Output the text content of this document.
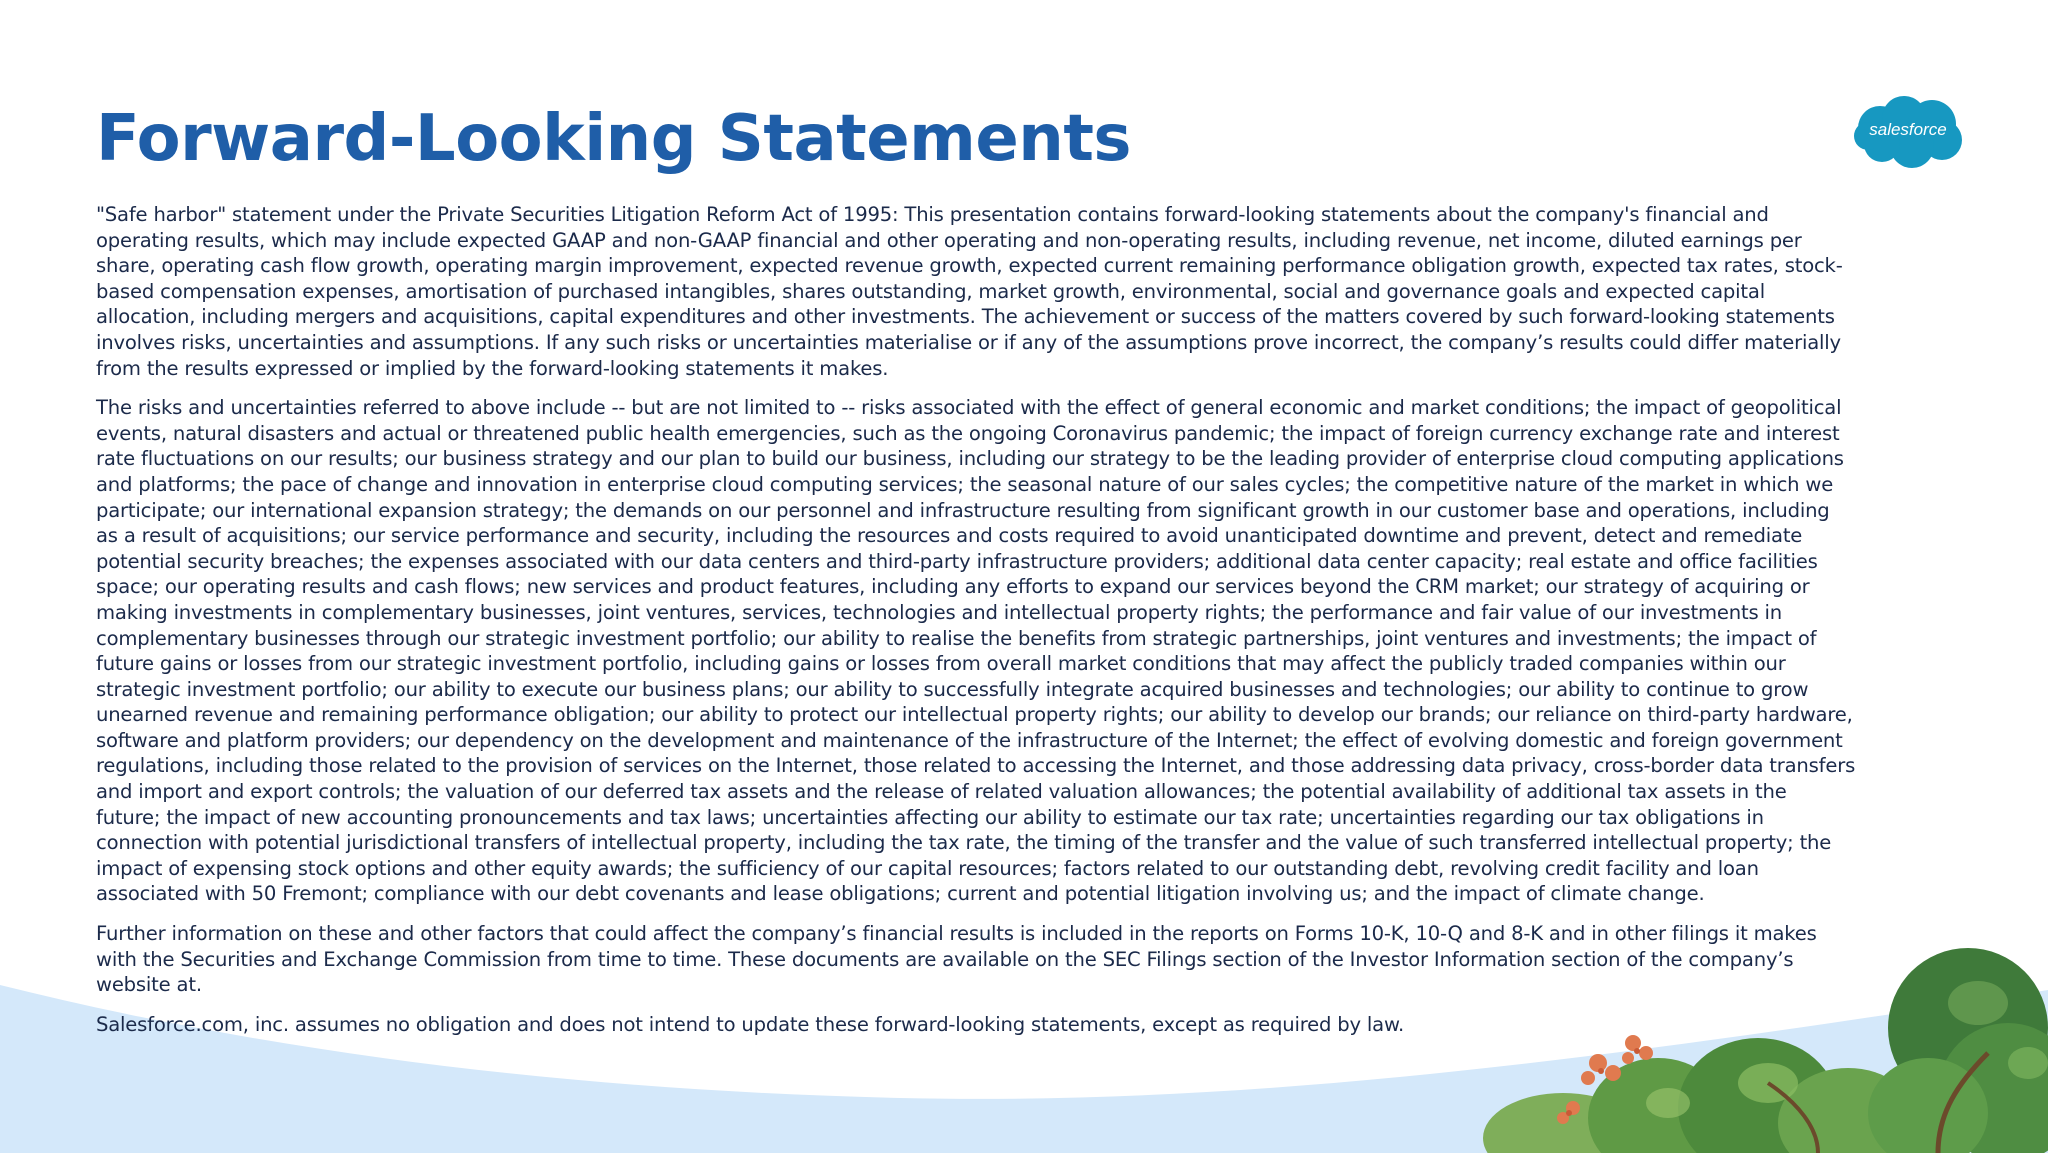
salesforce
Forward-Looking Statements

"Safe harbor" statement under the Private Securities Litigation Reform Act of 1995: This presentation contains forward-looking statements about the company's financial and operating results, which may include expected GAAP and non-GAAP financial and other operating and non-operating results, including revenue, net income, diluted earnings per share, operating cash flow growth, operating margin improvement, expected revenue growth, expected current remaining performance obligation growth, expected tax rates, stock-based compensation expenses, amortisation of purchased intangibles, shares outstanding, market growth, environmental, social and governance goals and expected capital allocation, including mergers and acquisitions, capital expenditures and other investments. The achievement or success of the matters covered by such forward-looking statements involves risks, uncertainties and assumptions. If any such risks or uncertainties materialise or if any of the assumptions prove incorrect, the company’s results could differ materially from the results expressed or implied by the forward-looking statements it makes.

The risks and uncertainties referred to above include -- but are not limited to -- risks associated with the effect of general economic and market conditions; the impact of geopolitical events, natural disasters and actual or threatened public health emergencies, such as the ongoing Coronavirus pandemic; the impact of foreign currency exchange rate and interest rate fluctuations on our results; our business strategy and our plan to build our business, including our strategy to be the leading provider of enterprise cloud computing applications and platforms; the pace of change and innovation in enterprise cloud computing services; the seasonal nature of our sales cycles; the competitive nature of the market in which we participate; our international expansion strategy; the demands on our personnel and infrastructure resulting from significant growth in our customer base and operations, including as a result of acquisitions; our service performance and security, including the resources and costs required to avoid unanticipated downtime and prevent, detect and remediate potential security breaches; the expenses associated with our data centers and third-party infrastructure providers; additional data center capacity; real estate and office facilities space; our operating results and cash flows; new services and product features, including any efforts to expand our services beyond the CRM market; our strategy of acquiring or making investments in complementary businesses, joint ventures, services, technologies and intellectual property rights; the performance and fair value of our investments in complementary businesses through our strategic investment portfolio; our ability to realise the benefits from strategic partnerships, joint ventures and investments; the impact of future gains or losses from our strategic investment portfolio, including gains or losses from overall market conditions that may affect the publicly traded companies within our strategic investment portfolio; our ability to execute our business plans; our ability to successfully integrate acquired businesses and technologies; our ability to continue to grow unearned revenue and remaining performance obligation; our ability to protect our intellectual property rights; our ability to develop our brands; our reliance on third-party hardware, software and platform providers; our dependency on the development and maintenance of the infrastructure of the Internet; the effect of evolving domestic and foreign government regulations, including those related to the provision of services on the Internet, those related to accessing the Internet, and those addressing data privacy, cross-border data transfers and import and export controls; the valuation of our deferred tax assets and the release of related valuation allowances; the potential availability of additional tax assets in the future; the impact of new accounting pronouncements and tax laws; uncertainties affecting our ability to estimate our tax rate; uncertainties regarding our tax obligations in connection with potential jurisdictional transfers of intellectual property, including the tax rate, the timing of the transfer and the value of such transferred intellectual property; the impact of expensing stock options and other equity awards; the sufficiency of our capital resources; factors related to our outstanding debt, revolving credit facility and loan associated with 50 Fremont; compliance with our debt covenants and lease obligations; current and potential litigation involving us; and the impact of climate change.

Further information on these and other factors that could affect the company’s financial results is included in the reports on Forms 10-K, 10-Q and 8-K and in other filings it makes with the Securities and Exchange Commission from time to time. These documents are available on the SEC Filings section of the Investor Information section of the company’s website at.

Salesforce.com, inc. assumes no obligation and does not intend to update these forward-looking statements, except as required by law.
